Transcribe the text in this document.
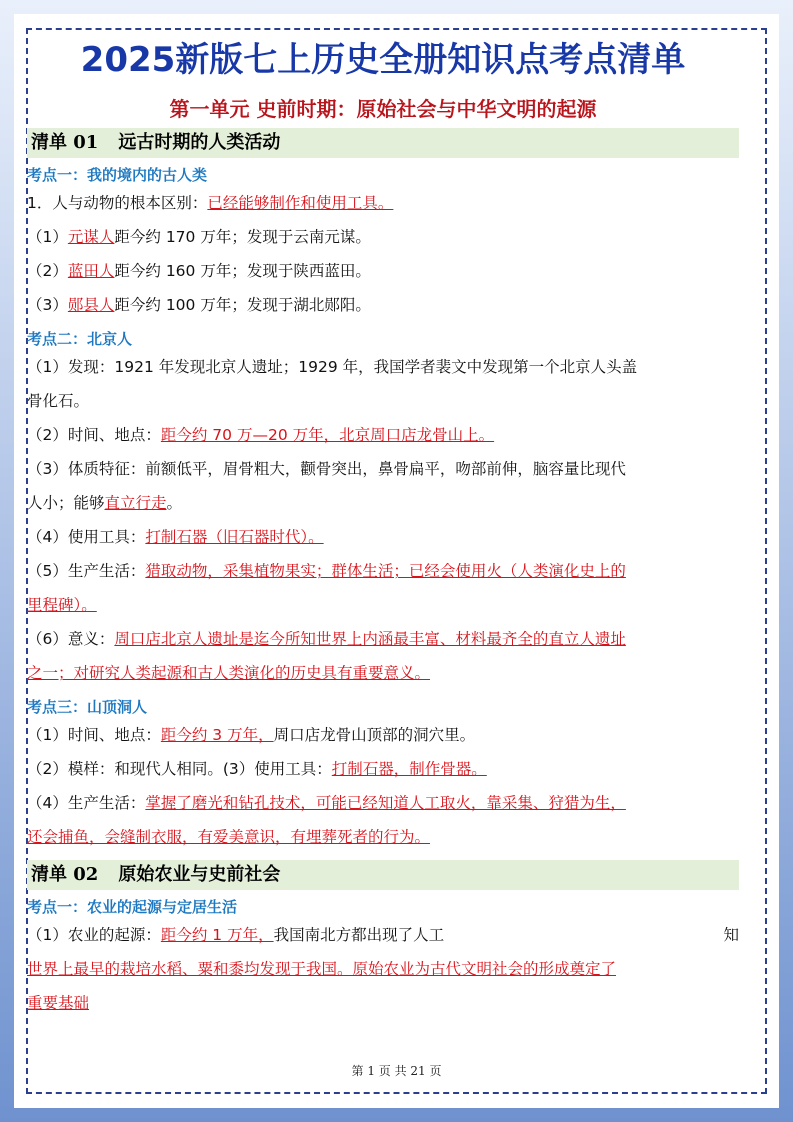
2025新版七上历史全册知识点考点清单
第一单元 史前时期：原始社会与中华文明的起源
清单 01 远古时期的人类活动
考点一：我的境内的古人类
1．人与动物的根本区别：已经能够制作和使用工具。
（1）元谋人距今约 170 万年；发现于云南元谋。
（2）蓝田人距今约 160 万年；发现于陕西蓝田。
（3）郧县人距今约 100 万年；发现于湖北郧阳。
考点二：北京人
（1）发现：1921 年发现北京人遗址；1929 年，我国学者裴文中发现第一个北京人头盖
骨化石。
（2）时间、地点：距今约 70 万—20 万年，北京周口店龙骨山上。
（3）体质特征：前额低平，眉骨粗大，颧骨突出，鼻骨扁平，吻部前伸，脑容量比现代
人小；能够直立行走。
（4）使用工具：打制石器（旧石器时代）。
（5）生产生活：猎取动物，采集植物果实；群体生活；已经会使用火（人类演化史上的
里程碑）。
（6）意义：周口店北京人遗址是迄今所知世界上内涵最丰富、材料最齐全的直立人遗址
之一；对研究人类起源和古人类演化的历史具有重要意义。
考点三：山顶洞人
（1）时间、地点：距今约 3 万年，周口店龙骨山顶部的洞穴里。
（2）模样：和现代人相同。(3）使用工具：打制石器，制作骨器。
（4）生产生活：掌握了磨光和钻孔技术，可能已经知道人工取火，靠采集、狩猎为生，
还会捕鱼，会缝制衣服，有爱美意识，有埋葬死者的行为。
清单 02 原始农业与史前社会
考点一：农业的起源与定居生活
（1）农业的起源：距今约 1 万年，我国南北方都出现了人工	知
世界上最早的栽培水稻、粟和黍均发现于我国。原始农业为古代文明社会的形成奠定了
重要基础
第 1 页 共 21 页
